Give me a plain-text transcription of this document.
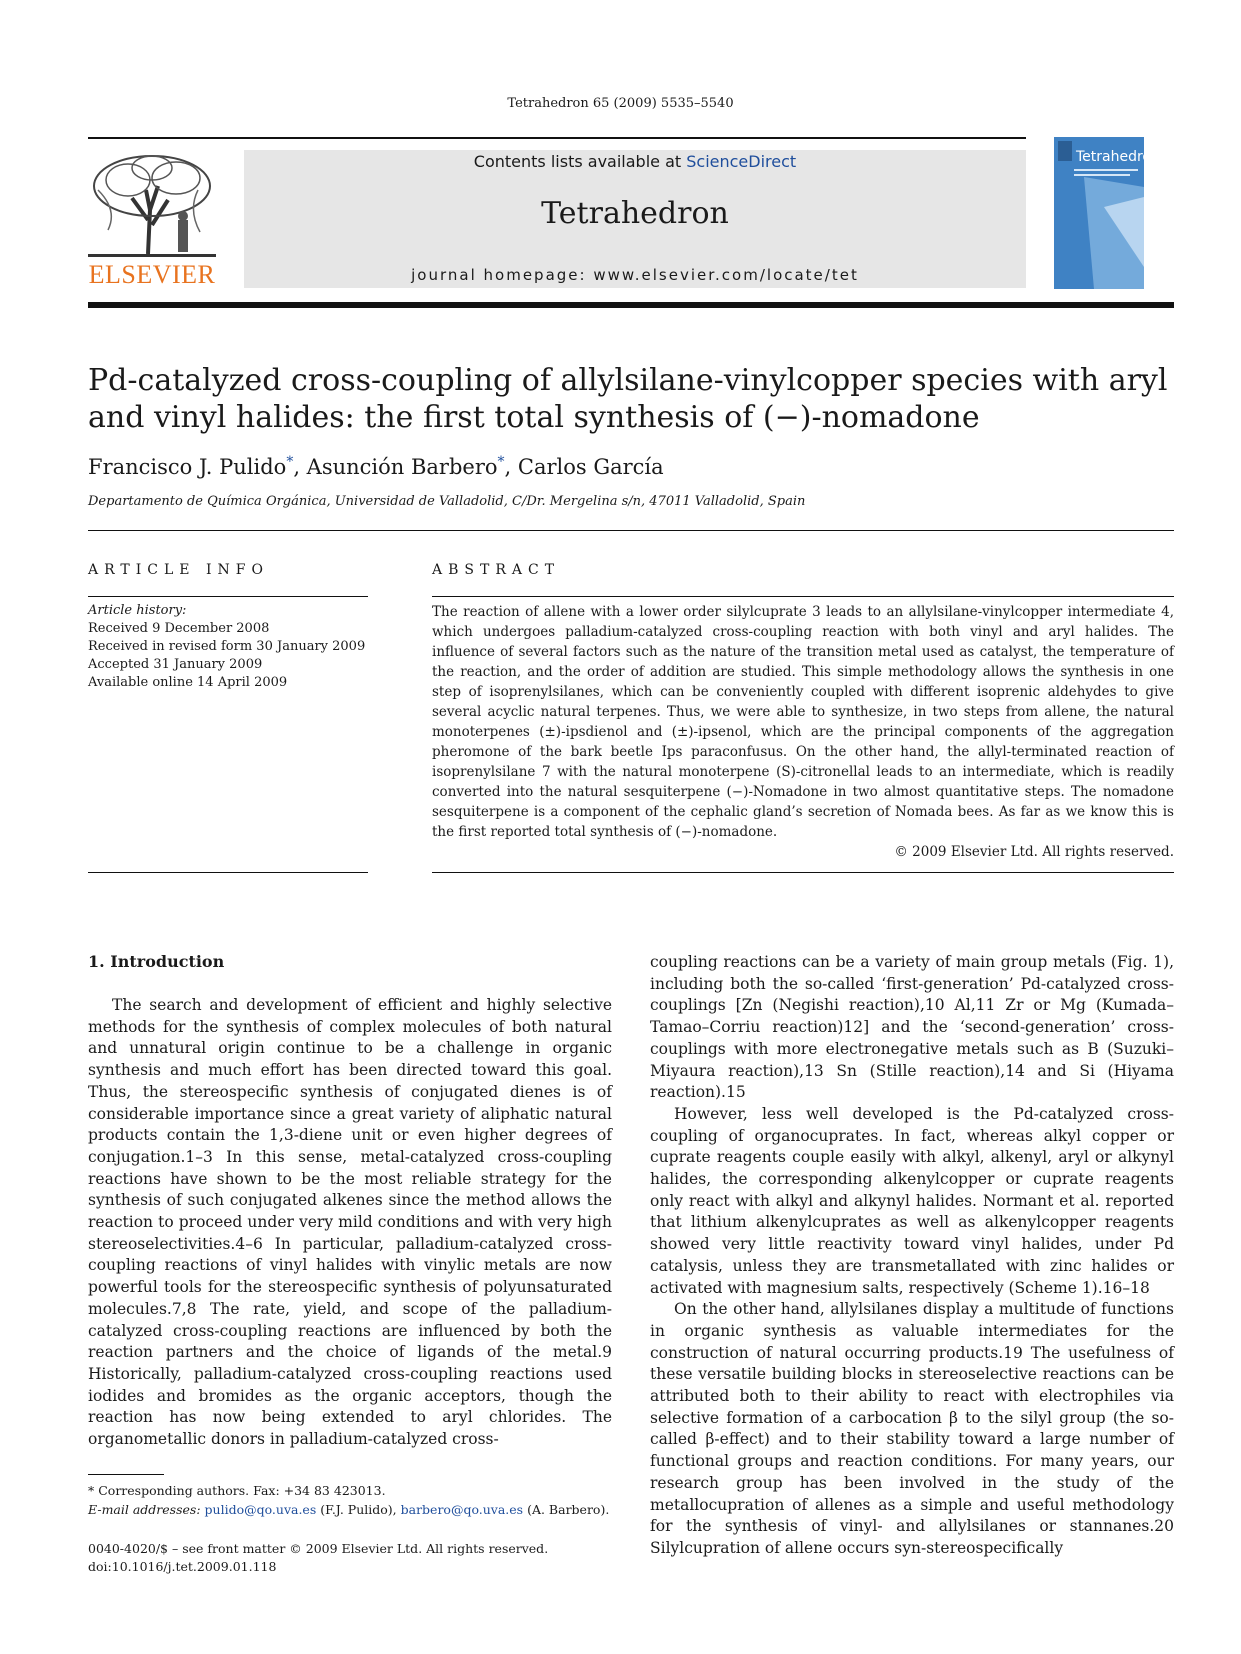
Tetrahedron 65 (2009) 5535–5540
ELSEVIER
Contents lists available at ScienceDirect
Tetrahedron
journal homepage: www.elsevier.com/locate/tet
Tetrahedron
Pd-catalyzed cross-coupling of allylsilane-vinylcopper species with aryl
and vinyl halides: the first total synthesis of (−)-nomadone
Francisco J. Pulido*, Asunción Barbero*, Carlos García
Departamento de Química Orgánica, Universidad de Valladolid, C/Dr. Mergelina s/n, 47011 Valladolid, Spain
ARTICLE INFO	ABSTRACT
Article history:
Received 9 December 2008
Received in revised form 30 January 2009
Accepted 31 January 2009
Available online 14 April 2009

The reaction of allene with a lower order silylcuprate 3 leads to an allylsilane-vinylcopper intermediate 4, which undergoes palladium-catalyzed cross-coupling reaction with both vinyl and aryl halides. The influence of several factors such as the nature of the transition metal used as catalyst, the temperature of the reaction, and the order of addition are studied. This simple methodology allows the synthesis in one step of isoprenylsilanes, which can be conveniently coupled with different isoprenic aldehydes to give several acyclic natural terpenes. Thus, we were able to synthesize, in two steps from allene, the natural monoterpenes (±)-ipsdienol and (±)-ipsenol, which are the principal components of the aggregation pheromone of the bark beetle Ips paraconfusus. On the other hand, the allyl-terminated reaction of isoprenylsilane 7 with the natural monoterpene (S)-citronellal leads to an intermediate, which is readily converted into the natural sesquiterpene (−)-Nomadone in two almost quantitative steps. The nomadone sesquiterpene is a component of the cephalic gland’s secretion of Nomada bees. As far as we know this is the first reported total synthesis of (−)-nomadone.

© 2009 Elsevier Ltd. All rights reserved.

1. Introduction

The search and development of efficient and highly selective methods for the synthesis of complex molecules of both natural and unnatural origin continue to be a challenge in organic synthesis and much effort has been directed toward this goal. Thus, the stereospecific synthesis of conjugated dienes is of considerable importance since a great variety of aliphatic natural products contain the 1,3-diene unit or even higher degrees of conjugation.1–3 In this sense, metal-catalyzed cross-coupling reactions have shown to be the most reliable strategy for the synthesis of such conjugated alkenes since the method allows the reaction to proceed under very mild conditions and with very high stereoselectivities.4–6 In particular, palladium-catalyzed cross-coupling reactions of vinyl halides with vinylic metals are now powerful tools for the stereospecific synthesis of polyunsaturated molecules.7,8 The rate, yield, and scope of the palladium-catalyzed cross-coupling reactions are influenced by both the reaction partners and the choice of ligands of the metal.9 Historically, palladium-catalyzed cross-coupling reactions used iodides and bromides as the organic acceptors, though the reaction has now being extended to aryl chlorides. The organometallic donors in palladium-catalyzed cross-

coupling reactions can be a variety of main group metals (Fig. 1), including both the so-called ‘first-generation’ Pd-catalyzed cross-couplings [Zn (Negishi reaction),10 Al,11 Zr or Mg (Kumada–Tamao–Corriu reaction)12] and the ‘second-generation’ cross-couplings with more electronegative metals such as B (Suzuki–Miyaura reaction),13 Sn (Stille reaction),14 and Si (Hiyama reaction).15

However, less well developed is the Pd-catalyzed cross-coupling of organocuprates. In fact, whereas alkyl copper or cuprate reagents couple easily with alkyl, alkenyl, aryl or alkynyl halides, the corresponding alkenylcopper or cuprate reagents only react with alkyl and alkynyl halides. Normant et al. reported that lithium alkenylcuprates as well as alkenylcopper reagents showed very little reactivity toward vinyl halides, under Pd catalysis, unless they are transmetallated with zinc halides or activated with magnesium salts, respectively (Scheme 1).16–18

On the other hand, allylsilanes display a multitude of functions in organic synthesis as valuable intermediates for the construction of natural occurring products.19 The usefulness of these versatile building blocks in stereoselective reactions can be attributed both to their ability to react with electrophiles via selective formation of a carbocation β to the silyl group (the so-called β-effect) and to their stability toward a large number of functional groups and reaction conditions. For many years, our research group has been involved in the study of the metallocupration of allenes as a simple and useful methodology for the synthesis of vinyl- and allylsilanes or stannanes.20 Silylcupration of allene occurs syn-stereospecifically

* Corresponding authors. Fax: +34 83 423013.
E-mail addresses: pulido@qo.uva.es (F.J. Pulido), barbero@qo.uva.es (A. Barbero).
0040-4020/$ – see front matter © 2009 Elsevier Ltd. All rights reserved.
doi:10.1016/j.tet.2009.01.118
